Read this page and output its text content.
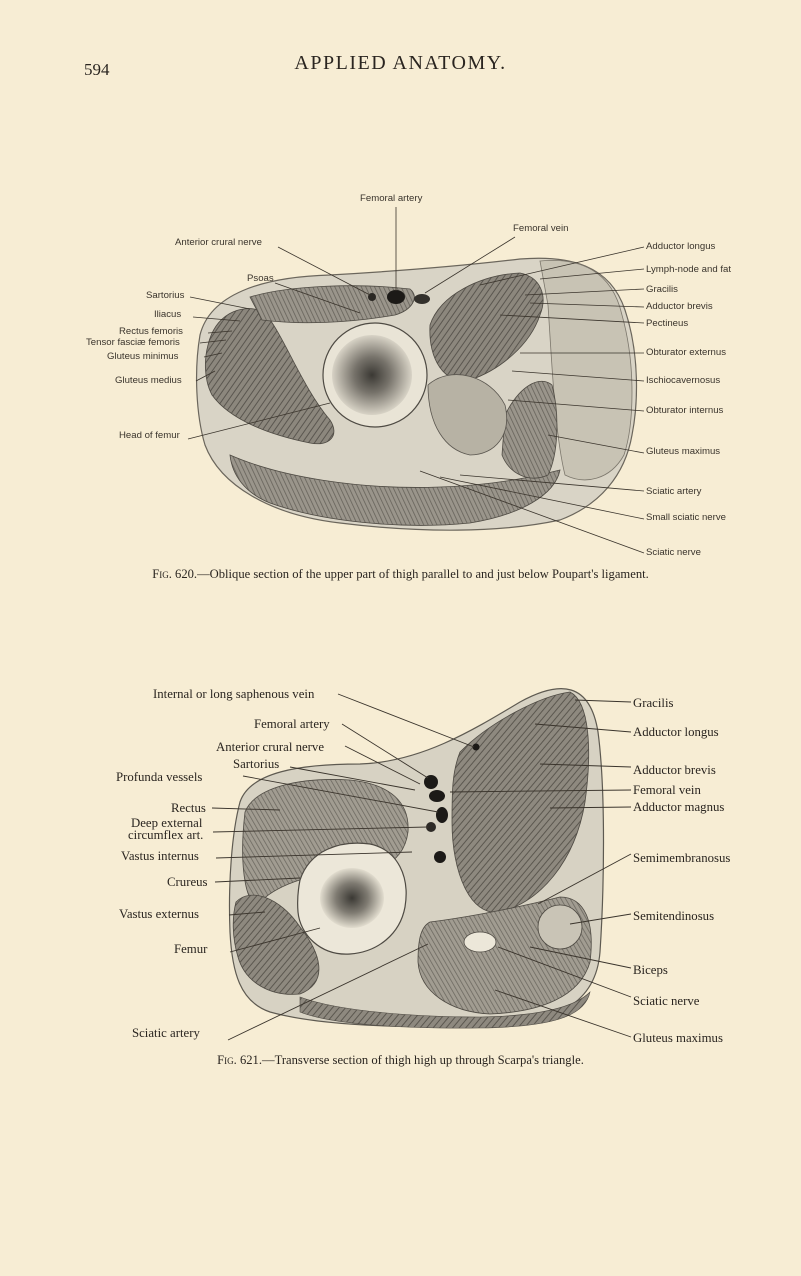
594	APPLIED ANATOMY.
Femoral artery
Femoral vein
Anterior crural nerve
Psoas
Sartorius
Iliacus
Rectus femoris
Tensor fasciæ femoris
Gluteus minimus
Gluteus medius
Head of femur
Adductor longus
Lymph-node and fat
Gracilis
Adductor brevis
Pectineus
Obturator externus
Ischiocavernosus
Obturator internus
Gluteus maximus
Sciatic artery
Small sciatic nerve
Sciatic nerve
Fig. 620.—Oblique section of the upper part of thigh parallel to and just below Poupart's ligament.
Internal or long saphenous vein
Femoral artery
Anterior crural nerve
Sartorius
Profunda vessels
Rectus
Deep external
circumflex art.
Vastus internus
Crureus
Vastus externus
Femur
Sciatic artery
Gracilis
Adductor longus
Adductor brevis
Femoral vein
Adductor magnus
Semimembranosus
Semitendinosus
Biceps
Sciatic nerve
Gluteus maximus
Fig. 621.—Transverse section of thigh high up through Scarpa's triangle.
